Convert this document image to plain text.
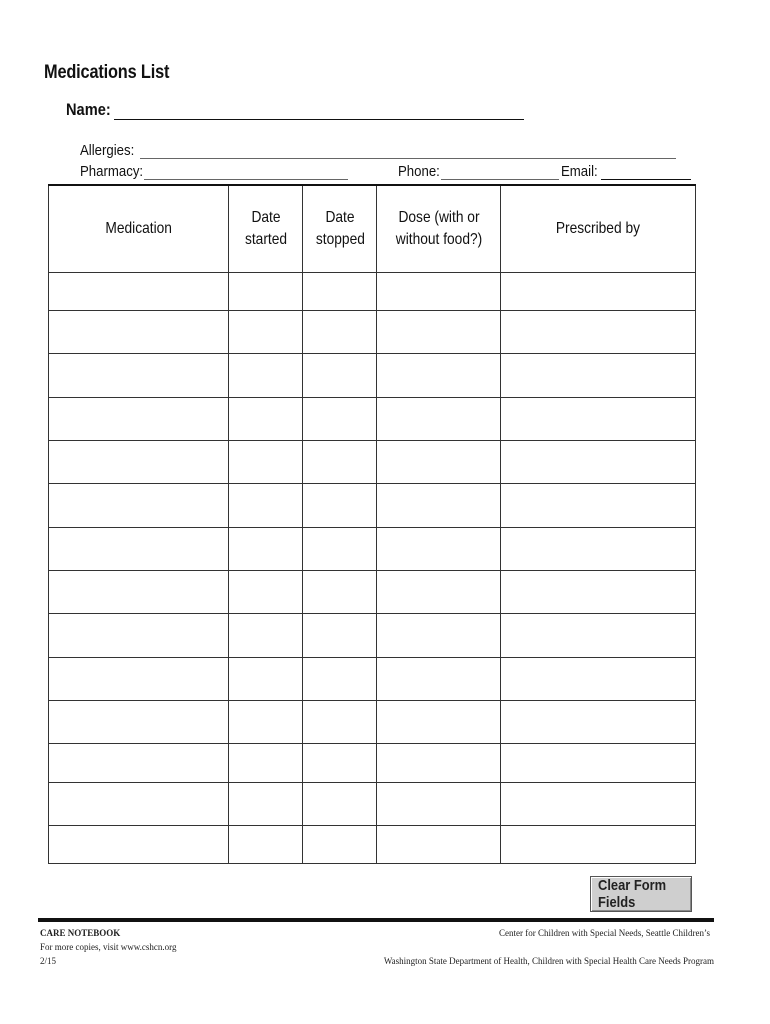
Medications List
Name:
Allergies:
Pharmacy:	Phone:	Email:
Medication	Date started	Date stopped	Dose (with or without food?)	Prescribed by

Clear Form Fields
CARE NOTEBOOK
For more copies, visit www.cshcn.org
2/15
Center for Children with Special Needs, Seattle Children’s
Washington State Department of Health, Children with Special Health Care Needs Program
